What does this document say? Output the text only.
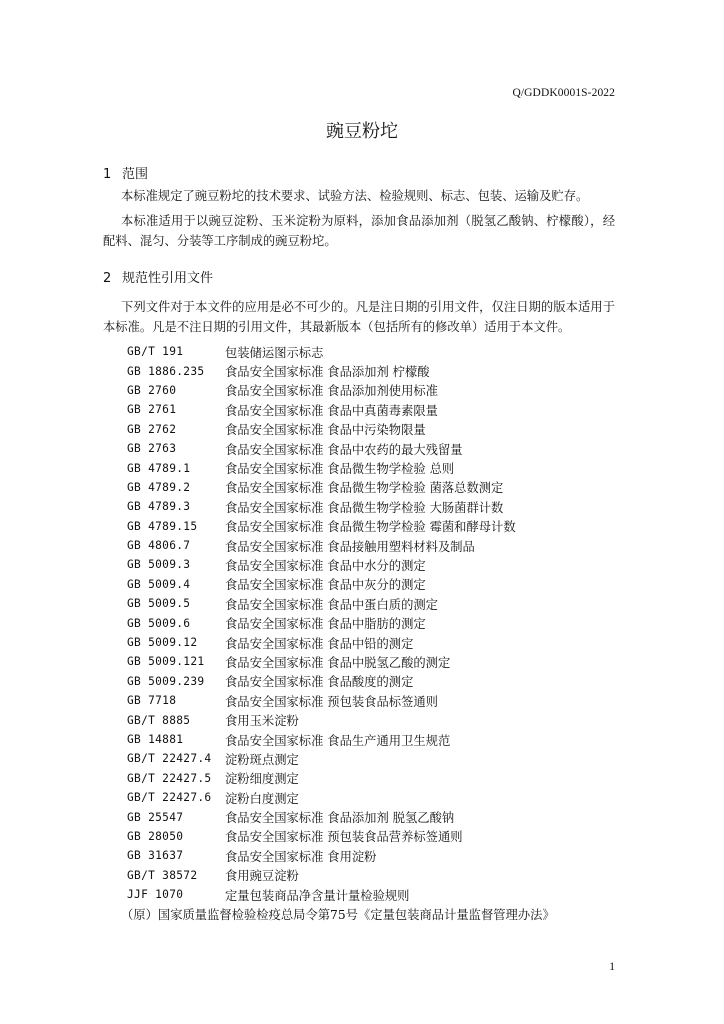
Q/GDDK0001S-2022
豌豆粉坨
1 范围

本标准规定了豌豆粉坨的技术要求、试验方法、检验规则、标志、包装、运输及贮存。

本标准适用于以豌豆淀粉、玉米淀粉为原料，添加食品添加剂（脱氢乙酸钠、柠檬酸），经配料、混匀、分装等工序制成的豌豆粉坨。

2 规范性引用文件

下列文件对于本文件的应用是必不可少的。凡是注日期的引用文件，仅注日期的版本适用于本标准。凡是不注日期的引用文件，其最新版本（包括所有的修改单）适用于本文件。

GB/T 191	包装储运图示标志
GB 1886.235	食品安全国家标准 食品添加剂 柠檬酸
GB 2760	食品安全国家标准 食品添加剂使用标准
GB 2761	食品安全国家标准 食品中真菌毒素限量
GB 2762	食品安全国家标准 食品中污染物限量
GB 2763	食品安全国家标准 食品中农药的最大残留量
GB 4789.1	食品安全国家标准 食品微生物学检验 总则
GB 4789.2	食品安全国家标准 食品微生物学检验 菌落总数测定
GB 4789.3	食品安全国家标准 食品微生物学检验 大肠菌群计数
GB 4789.15	食品安全国家标准 食品微生物学检验 霉菌和酵母计数
GB 4806.7	食品安全国家标准 食品接触用塑料材料及制品
GB 5009.3	食品安全国家标准 食品中水分的测定
GB 5009.4	食品安全国家标准 食品中灰分的测定
GB 5009.5	食品安全国家标准 食品中蛋白质的测定
GB 5009.6	食品安全国家标准 食品中脂肪的测定
GB 5009.12	食品安全国家标准 食品中铅的测定
GB 5009.121	食品安全国家标准 食品中脱氢乙酸的测定
GB 5009.239	食品安全国家标准 食品酸度的测定
GB 7718	食品安全国家标准 预包装食品标签通则
GB/T 8885	食用玉米淀粉
GB 14881	食品安全国家标准 食品生产通用卫生规范
GB/T 22427.4	淀粉斑点测定
GB/T 22427.5	淀粉细度测定
GB/T 22427.6	淀粉白度测定
GB 25547	食品安全国家标准 食品添加剂 脱氢乙酸钠
GB 28050	食品安全国家标准 预包装食品营养标签通则
GB 31637	食品安全国家标准 食用淀粉
GB/T 38572	食用豌豆淀粉
JJF 1070	定量包装商品净含量计量检验规则
（原）国家质量监督检验检疫总局令第75号《定量包装商品计量监督管理办法》
1
